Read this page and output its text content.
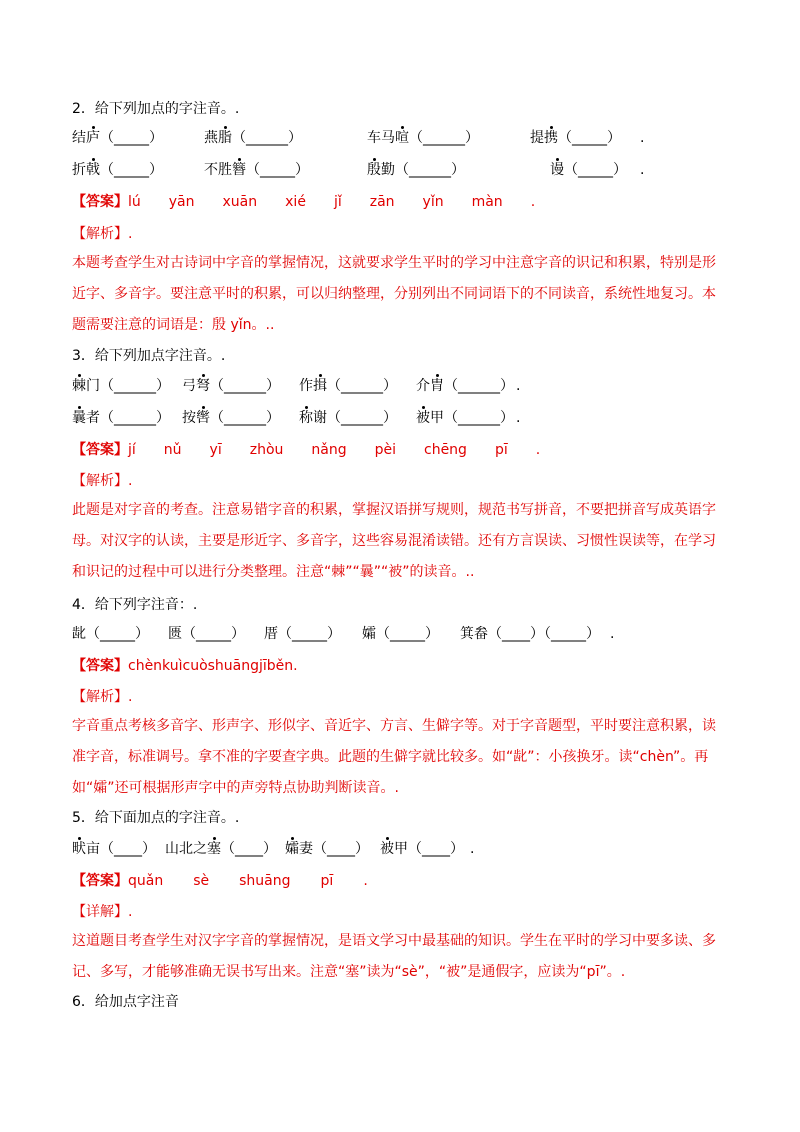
2．给下列加点的字注音。.
结庐（_____）	燕脂（______）	车马喧（______）	提携（_____）	.
折戟（_____）	不胜簪（_____）	殷勤（______）	谩（_____） .
【答案】lú yān xuān xié jǐ zān yǐn màn .
【解析】.
本题考查学生对古诗词中字音的掌握情况，这就要求学生平时的学习中注意字音的识记和积累，特别是形
近字、多音字。要注意平时的积累，可以归纳整理，分别列出不同词语下的不同读音，系统性地复习。本
题需要注意的词语是：殷 yǐn。..
3．给下列加点字注音。.
棘门（______） 弓弩（______）	作揖（______）	介胄（______） .
曩者（______） 按辔（______）	称谢（______）	被甲（______） .
【答案】jí nǔ yī zhòu nǎng pèi chēng pī .
【解析】.
此题是对字音的考查。注意易错字音的积累，掌握汉语拼写规则，规范书写拼音，不要把拼音写成英语字
母。对汉字的认读，主要是形近字、多音字，这些容易混淆读错。还有方言误读、习惯性误读等，在学习
和识记的过程中可以进行分类整理。注意“棘”“曩”“被”的读音。..
4．给下列字注音：.
龀（_____）	匮（_____）	厝（_____）	孀（_____）	箕畚（____）（_____） .
【答案】chènkuìcuòshuāngjīběn.
【解析】.
字音重点考核多音字、形声字、形似字、音近字、方言、生僻字等。对于字音题型，平时要注意积累，读
准字音，标准调号。拿不准的字要查字典。此题的生僻字就比较多。如“龀”：小孩换牙。读“chèn”。再
如“孀”还可根据形声字中的声旁特点协助判断读音。.
5．给下面加点的字注音。.
畎亩（____） 山北之塞（____） 孀妻（____） 被甲（____） .
【答案】quǎn sè shuāng pī .
【详解】.
这道题目考查学生对汉字字音的掌握情况，是语文学习中最基础的知识。学生在平时的学习中要多读、多
记、多写，才能够准确无误书写出来。注意“塞”读为“sè”，“被”是通假字，应读为“pī”。.
6．给加点字注音
